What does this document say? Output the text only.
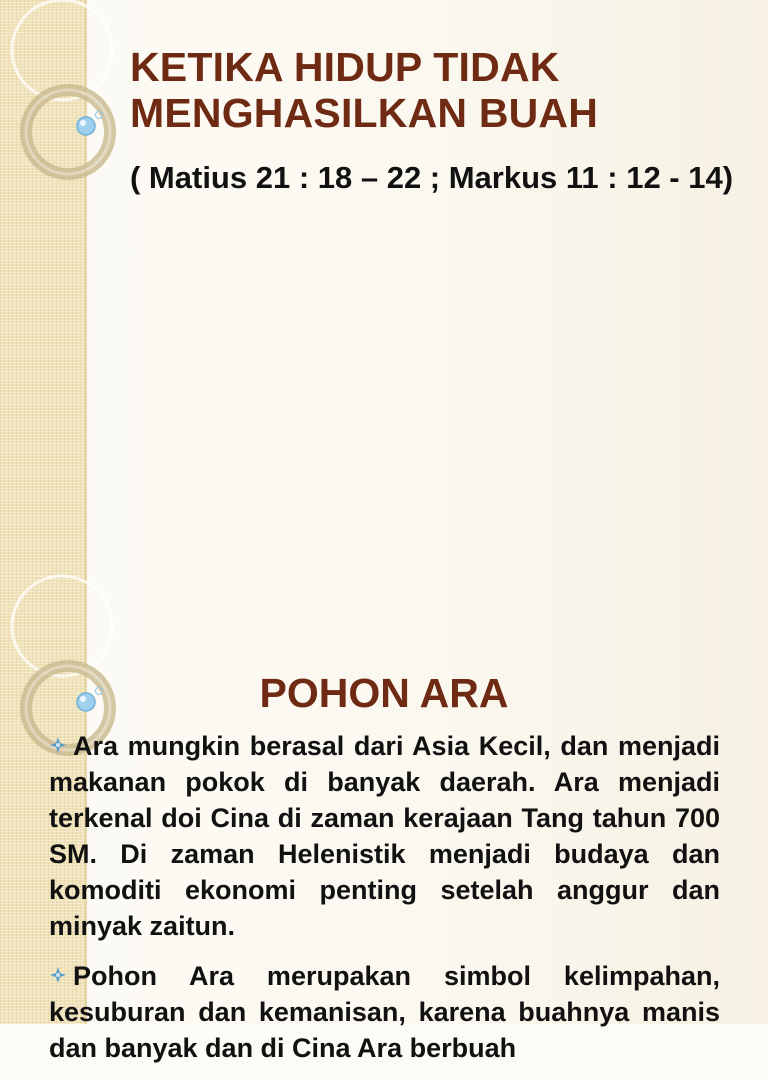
KETIKA HIDUP TIDAK
MENGHASILKAN BUAH

( Matius 21 : 18 – 22 ; Markus 11 : 12 - 14)

POHON ARA
Ara mungkin berasal dari Asia Kecil, dan menjadi makanan pokok di banyak daerah. Ara menjadi terkenal doi Cina di zaman kerajaan Tang tahun 700 SM. Di zaman Helenistik menjadi budaya dan komoditi ekonomi penting setelah anggur dan minyak zaitun.
Pohon Ara merupakan simbol kelimpahan, kesuburan dan kemanisan, karena buahnya manis dan banyak dan di Cina Ara berbuah
